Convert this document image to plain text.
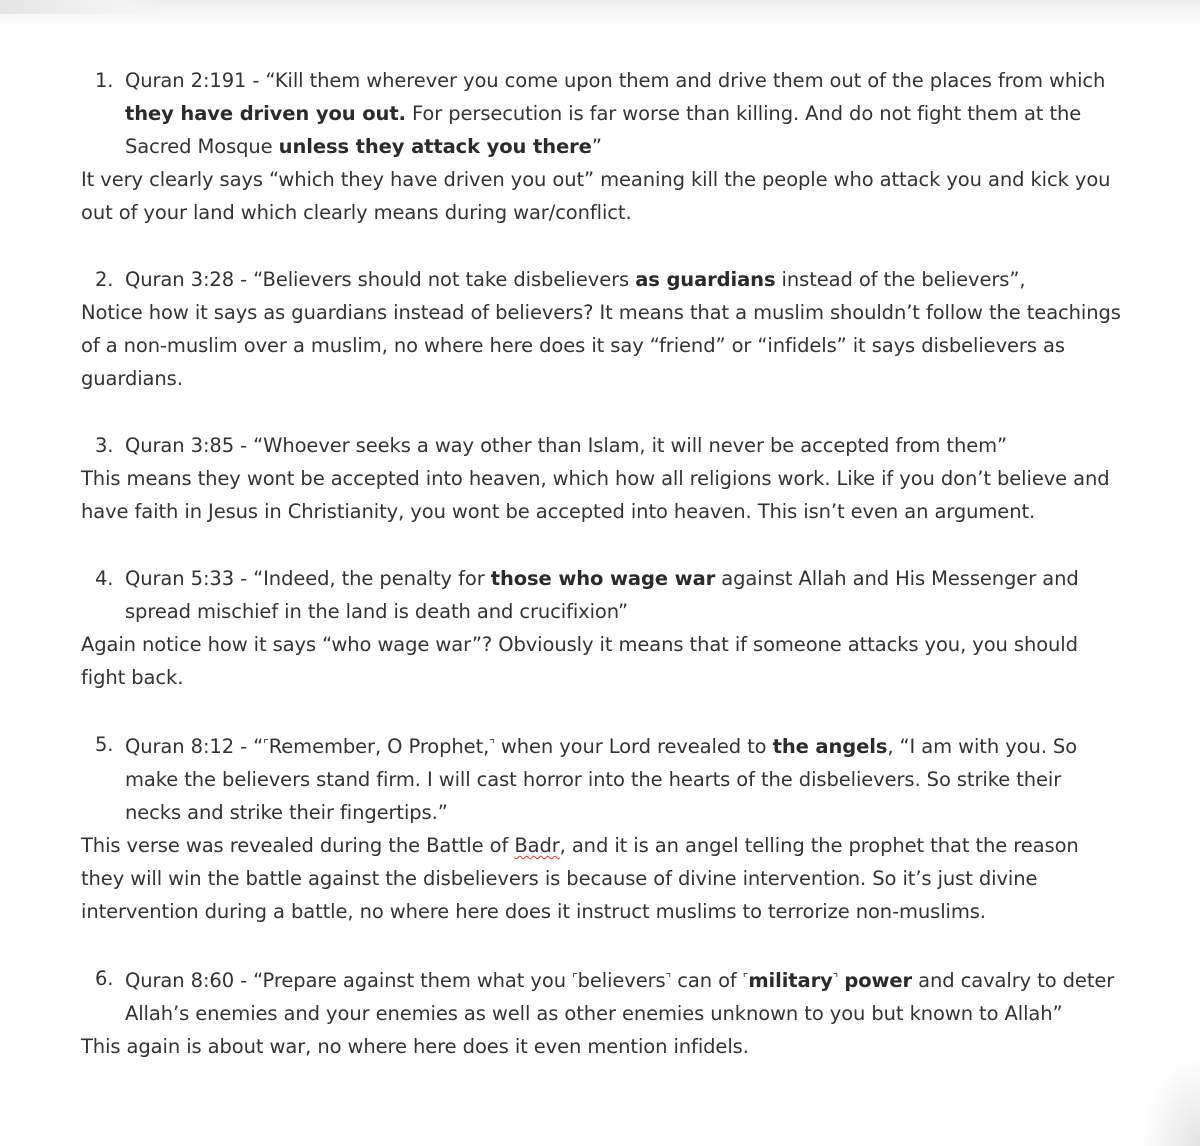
1. Quran 2:191 - “Kill them wherever you come upon them and drive them out of the places from which they have driven you out. For persecution is far worse than killing. And do not fight them at the Sacred Mosque unless they attack you there”

It very clearly says “which they have driven you out” meaning kill the people who attack you and kick you out of your land which clearly means during war/conflict.

2. Quran 3:28 - “Believers should not take disbelievers as guardians instead of the believers”,

Notice how it says as guardians instead of believers? It means that a muslim shouldn’t follow the teachings of a non-muslim over a muslim, no where here does it say “friend” or “infidels” it says disbelievers as guardians.

3. Quran 3:85 - “Whoever seeks a way other than Islam, it will never be accepted from them”

This means they wont be accepted into heaven, which how all religions work. Like if you don’t believe and have faith in Jesus in Christianity, you wont be accepted into heaven. This isn’t even an argument.

4. Quran 5:33 - “Indeed, the penalty for those who wage war against Allah and His Messenger and spread mischief in the land is death and crucifixion”

Again notice how it says “who wage war”? Obviously it means that if someone attacks you, you should fight back.

5. Quran 8:12 - “⌜Remember, O Prophet,⌝ when your Lord revealed to the angels, “I am with you. So make the believers stand firm. I will cast horror into the hearts of the disbelievers. So strike their necks and strike their fingertips.”

This verse was revealed during the Battle of Badr, and it is an angel telling the prophet that the reason they will win the battle against the disbelievers is because of divine intervention. So it’s just divine intervention during a battle, no where here does it instruct muslims to terrorize non-muslims.

6. Quran 8:60 - “Prepare against them what you ⌜believers⌝ can of ⌜military⌝ power and cavalry to deter Allah’s enemies and your enemies as well as other enemies unknown to you but known to Allah”

This again is about war, no where here does it even mention infidels.
